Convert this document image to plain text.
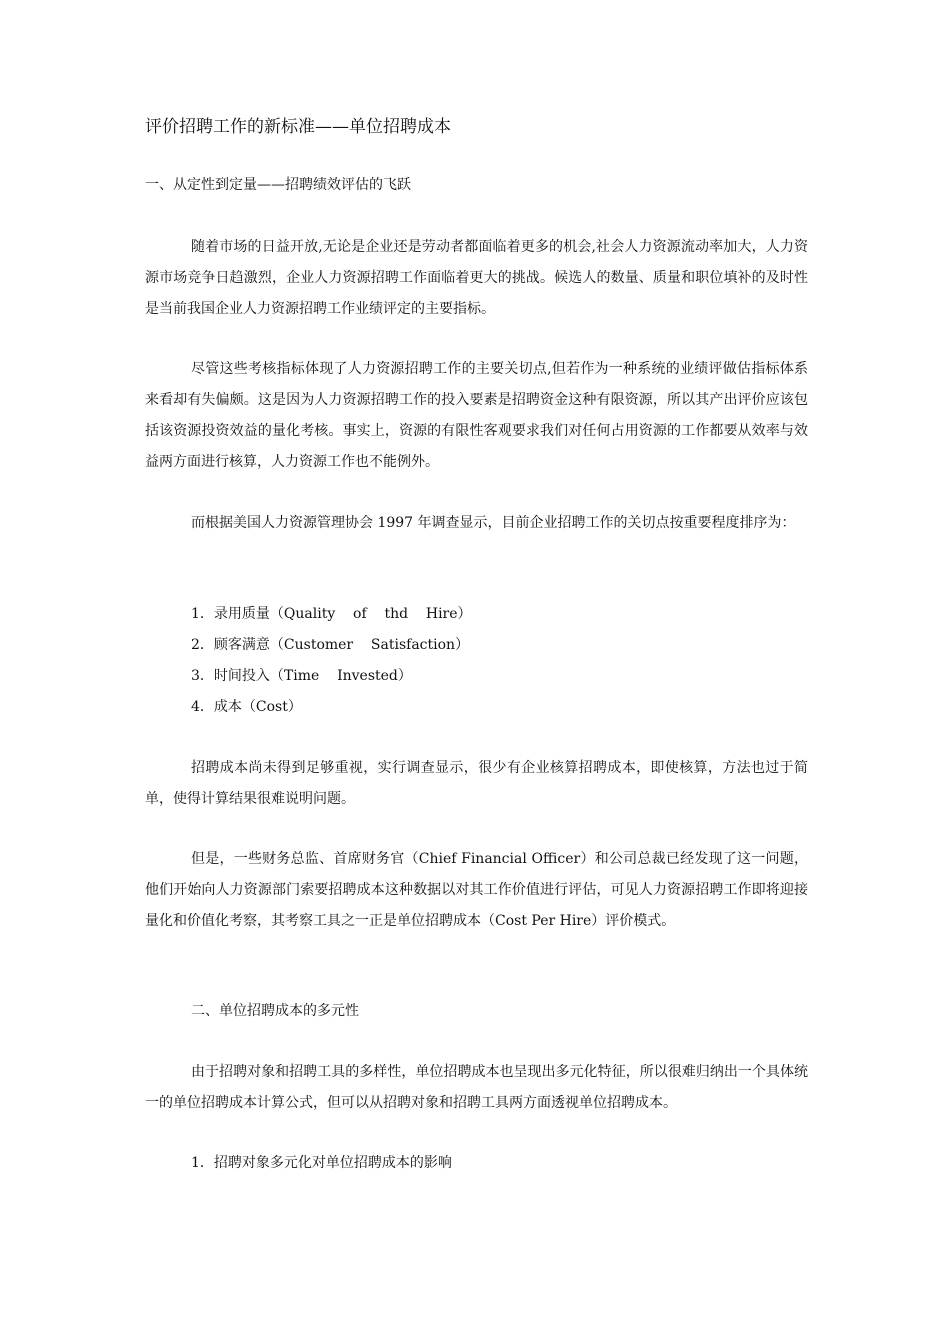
评价招聘工作的新标准——单位招聘成本
一、从定性到定量——招聘绩效评估的飞跃

随着市场的日益开放,无论是企业还是劳动者都面临着更多的机会,社会人力资源流动率加大，人力资源市场竞争日趋激烈，企业人力资源招聘工作面临着更大的挑战。候选人的数量、质量和职位填补的及时性是当前我国企业人力资源招聘工作业绩评定的主要指标。

尽管这些考核指标体现了人力资源招聘工作的主要关切点,但若作为一种系统的业绩评做估指标体系来看却有失偏颇。这是因为人力资源招聘工作的投入要素是招聘资金这种有限资源，所以其产出评价应该包括该资源投资效益的量化考核。事实上，资源的有限性客观要求我们对任何占用资源的工作都要从效率与效益两方面进行核算，人力资源工作也不能例外。

而根据美国人力资源管理协会 1997 年调查显示，目前企业招聘工作的关切点按重要程度排序为：

1．录用质量（Quality    of    thd    Hire）
2．顾客满意（Customer    Satisfaction）
3．时间投入（Time    Invested）
4．成本（Cost）

招聘成本尚未得到足够重视，实行调查显示，很少有企业核算招聘成本，即使核算，方法也过于简单，使得计算结果很难说明问题。

但是，一些财务总监、首席财务官（Chief Financial Officer）和公司总裁已经发现了这一问题，他们开始向人力资源部门索要招聘成本这种数据以对其工作价值进行评估，可见人力资源招聘工作即将迎接量化和价值化考察，其考察工具之一正是单位招聘成本（Cost Per Hire）评价模式。

二、单位招聘成本的多元性

由于招聘对象和招聘工具的多样性，单位招聘成本也呈现出多元化特征，所以很难归纳出一个具体统一的单位招聘成本计算公式，但可以从招聘对象和招聘工具两方面透视单位招聘成本。

1．招聘对象多元化对单位招聘成本的影响
